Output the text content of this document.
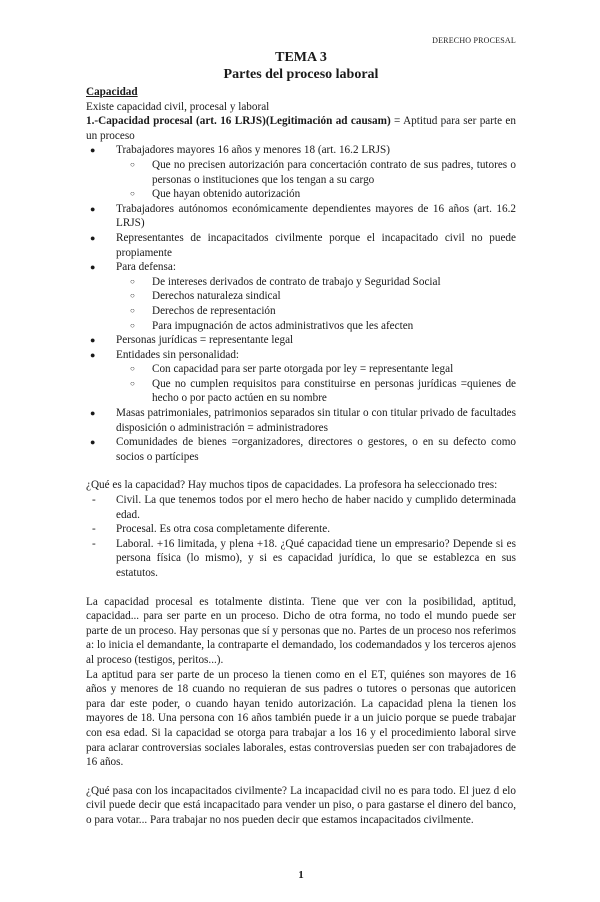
DERECHO PROCESAL
TEMA 3
Partes del proceso laboral

Capacidad

Existe capacidad civil, procesal y laboral

1.-Capacidad procesal (art. 16 LRJS)(Legitimación ad causam) = Aptitud para ser parte en un proceso

● Trabajadores mayores 16 años y menores 18 (art. 16.2 LRJS)
○ Que no precisen autorización para concertación contrato de sus padres, tutores o personas o instituciones que los tengan a su cargo
○ Que hayan obtenido autorización
● Trabajadores autónomos económicamente dependientes mayores de 16 años (art. 16.2 LRJS)
● Representantes de incapacitados civilmente porque el incapacitado civil no puede propiamente
● Para defensa:
○ De intereses derivados de contrato de trabajo y Seguridad Social
○ Derechos naturaleza sindical
○ Derechos de representación
○ Para impugnación de actos administrativos que les afecten
● Personas jurídicas = representante legal
● Entidades sin personalidad:
○ Con capacidad para ser parte otorgada por ley = representante legal
○ Que no cumplen requisitos para constituirse en personas jurídicas =quienes de hecho o por pacto actúen en su nombre
● Masas patrimoniales, patrimonios separados sin titular o con titular privado de facultades disposición o administración = administradores
● Comunidades de bienes =organizadores, directores o gestores, o en su defecto como socios o partícipes

¿Qué es la capacidad? Hay muchos tipos de capacidades. La profesora ha seleccionado tres:

- Civil. La que tenemos todos por el mero hecho de haber nacido y cumplido determinada edad.
- Procesal. Es otra cosa completamente diferente.
- Laboral. +16 limitada, y plena +18. ¿Qué capacidad tiene un empresario? Depende si es persona física (lo mismo), y si es capacidad jurídica, lo que se establezca en sus estatutos.

La capacidad procesal es totalmente distinta. Tiene que ver con la posibilidad, aptitud, capacidad... para ser parte en un proceso. Dicho de otra forma, no todo el mundo puede ser parte de un proceso. Hay personas que sí y personas que no. Partes de un proceso nos referimos a: lo inicia el demandante, la contraparte el demandado, los codemandados y los terceros ajenos al proceso (testigos, peritos...).

La aptitud para ser parte de un proceso la tienen como en el ET, quiénes son mayores de 16 años y menores de 18 cuando no requieran de sus padres o tutores o personas que autoricen para dar este poder, o cuando hayan tenido autorización. La capacidad plena la tienen los mayores de 18. Una persona con 16 años también puede ir a un juicio porque se puede trabajar con esa edad. Si la capacidad se otorga para trabajar a los 16 y el procedimiento laboral sirve para aclarar controversias sociales laborales, estas controversias pueden ser con trabajadores de 16 años.

¿Qué pasa con los incapacitados civilmente? La incapacidad civil no es para todo. El juez d elo civil puede decir que está incapacitado para vender un piso, o para gastarse el dinero del banco, o para votar... Para trabajar no nos pueden decir que estamos incapacitados civilmente.

1
